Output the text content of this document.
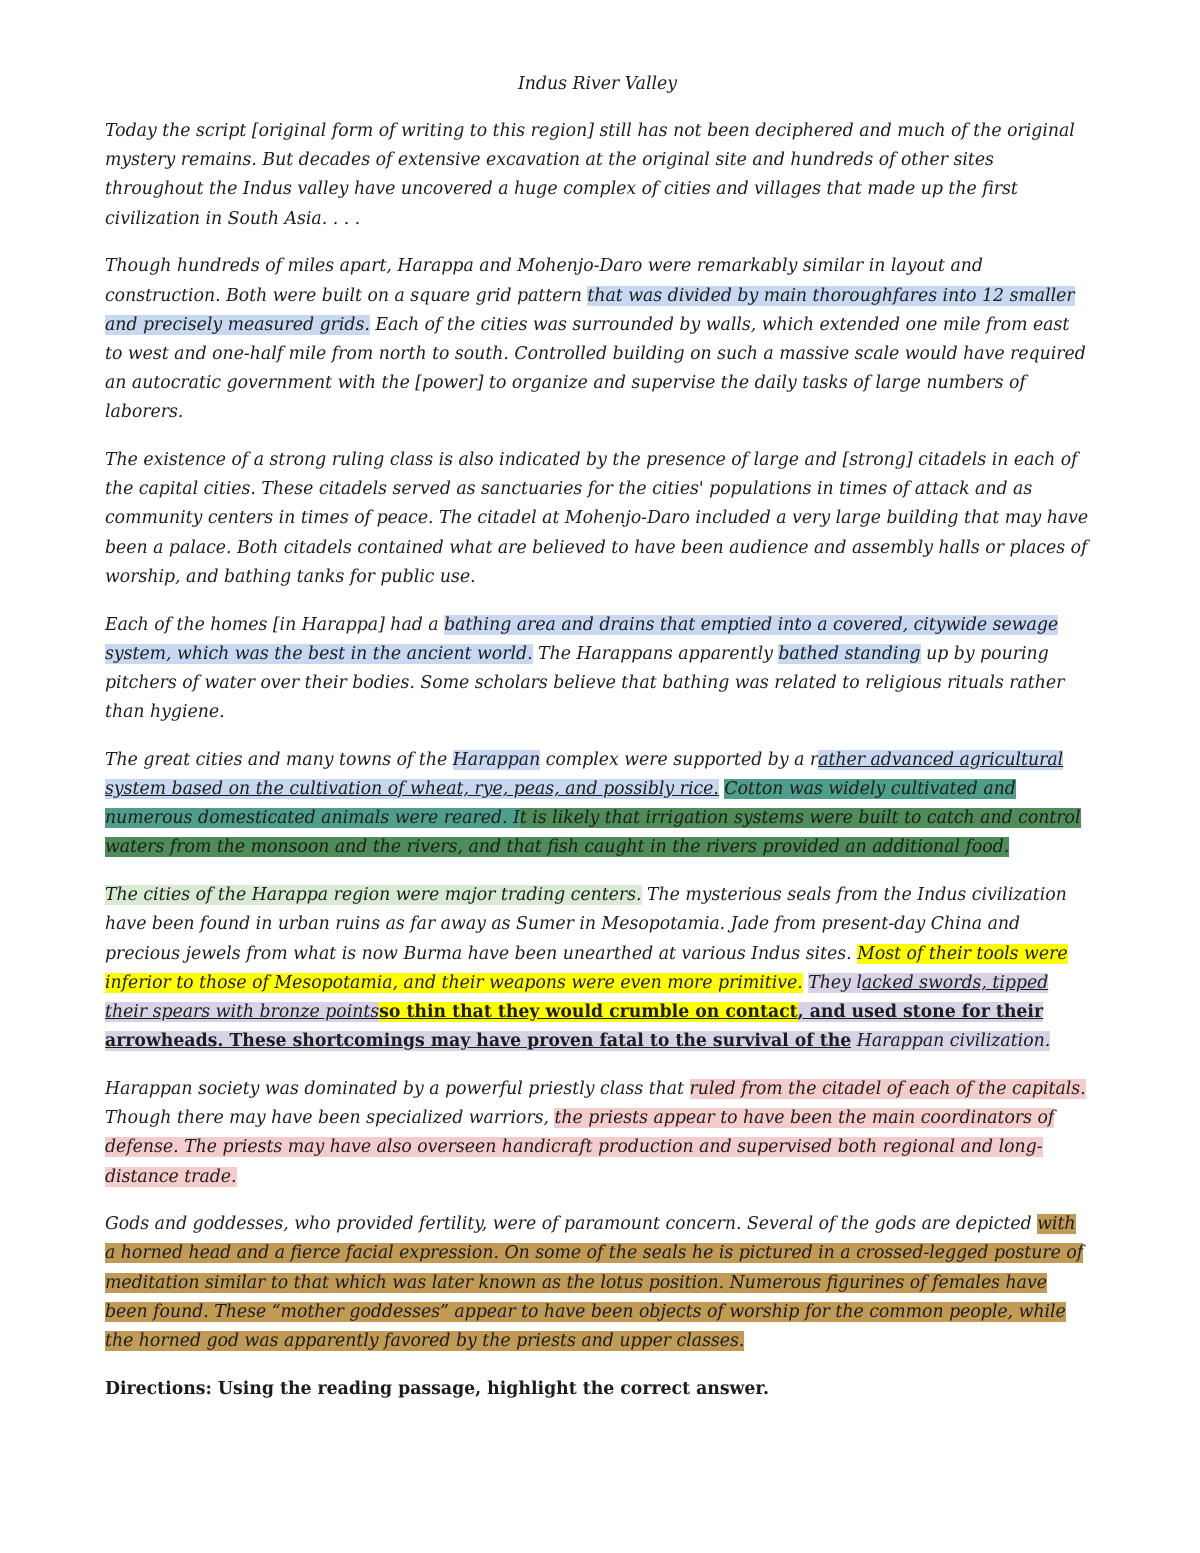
Indus River Valley

Today the script [original form of writing to this region] still has not been deciphered and much of the original mystery remains. But decades of extensive excavation at the original site and hundreds of other sites throughout the Indus valley have uncovered a huge complex of cities and villages that made up the first civilization in South Asia. . . .

Though hundreds of miles apart, Harappa and Mohenjo-Daro were remarkably similar in layout and construction. Both were built on a square grid pattern that was divided by main thoroughfares into 12 smaller and precisely measured grids. Each of the cities was surrounded by walls, which extended one mile from east to west and one-half mile from north to south. Controlled building on such a massive scale would have required an autocratic government with the [power] to organize and supervise the daily tasks of large numbers of laborers.

The existence of a strong ruling class is also indicated by the presence of large and [strong] citadels in each of the capital cities. These citadels served as sanctuaries for the cities' populations in times of attack and as community centers in times of peace. The citadel at Mohenjo-Daro included a very large building that may have been a palace. Both citadels contained what are believed to have been audience and assembly halls or places of worship, and bathing tanks for public use.

Each of the homes [in Harappa] had a bathing area and drains that emptied into a covered, citywide sewage system, which was the best in the ancient world. The Harappans apparently bathed standing up by pouring pitchers of water over their bodies. Some scholars believe that bathing was related to religious rituals rather than hygiene.

The great cities and many towns of the Harappan complex were supported by a rather advanced agricultural system based on the cultivation of wheat, rye, peas, and possibly rice. Cotton was widely cultivated and numerous domesticated animals were reared. It is likely that irrigation systems were built to catch and control waters from the monsoon and the rivers, and that fish caught in the rivers provided an additional food.

The cities of the Harappa region were major trading centers. The mysterious seals from the Indus civilization have been found in urban ruins as far away as Sumer in Mesopotamia. Jade from present-day China and precious jewels from what is now Burma have been unearthed at various Indus sites. Most of their tools were inferior to those of Mesopotamia, and their weapons were even more primitive. They lacked swords, tipped their spears with bronze pointsso thin that they would crumble on contact, and used stone for their arrowheads. These shortcomings may have proven fatal to the survival of the Harappan civilization.

Harappan society was dominated by a powerful priestly class that ruled from the citadel of each of the capitals. Though there may have been specialized warriors, the priests appear to have been the main coordinators of defense. The priests may have also overseen handicraft production and supervised both regional and long-distance trade.

Gods and goddesses, who provided fertility, were of paramount concern. Several of the gods are depicted with a horned head and a fierce facial expression. On some of the seals he is pictured in a crossed-legged posture of meditation similar to that which was later known as the lotus position. Numerous figurines of females have been found. These “mother goddesses” appear to have been objects of worship for the common people, while the horned god was apparently favored by the priests and upper classes.

Directions: Using the reading passage, highlight the correct answer.
